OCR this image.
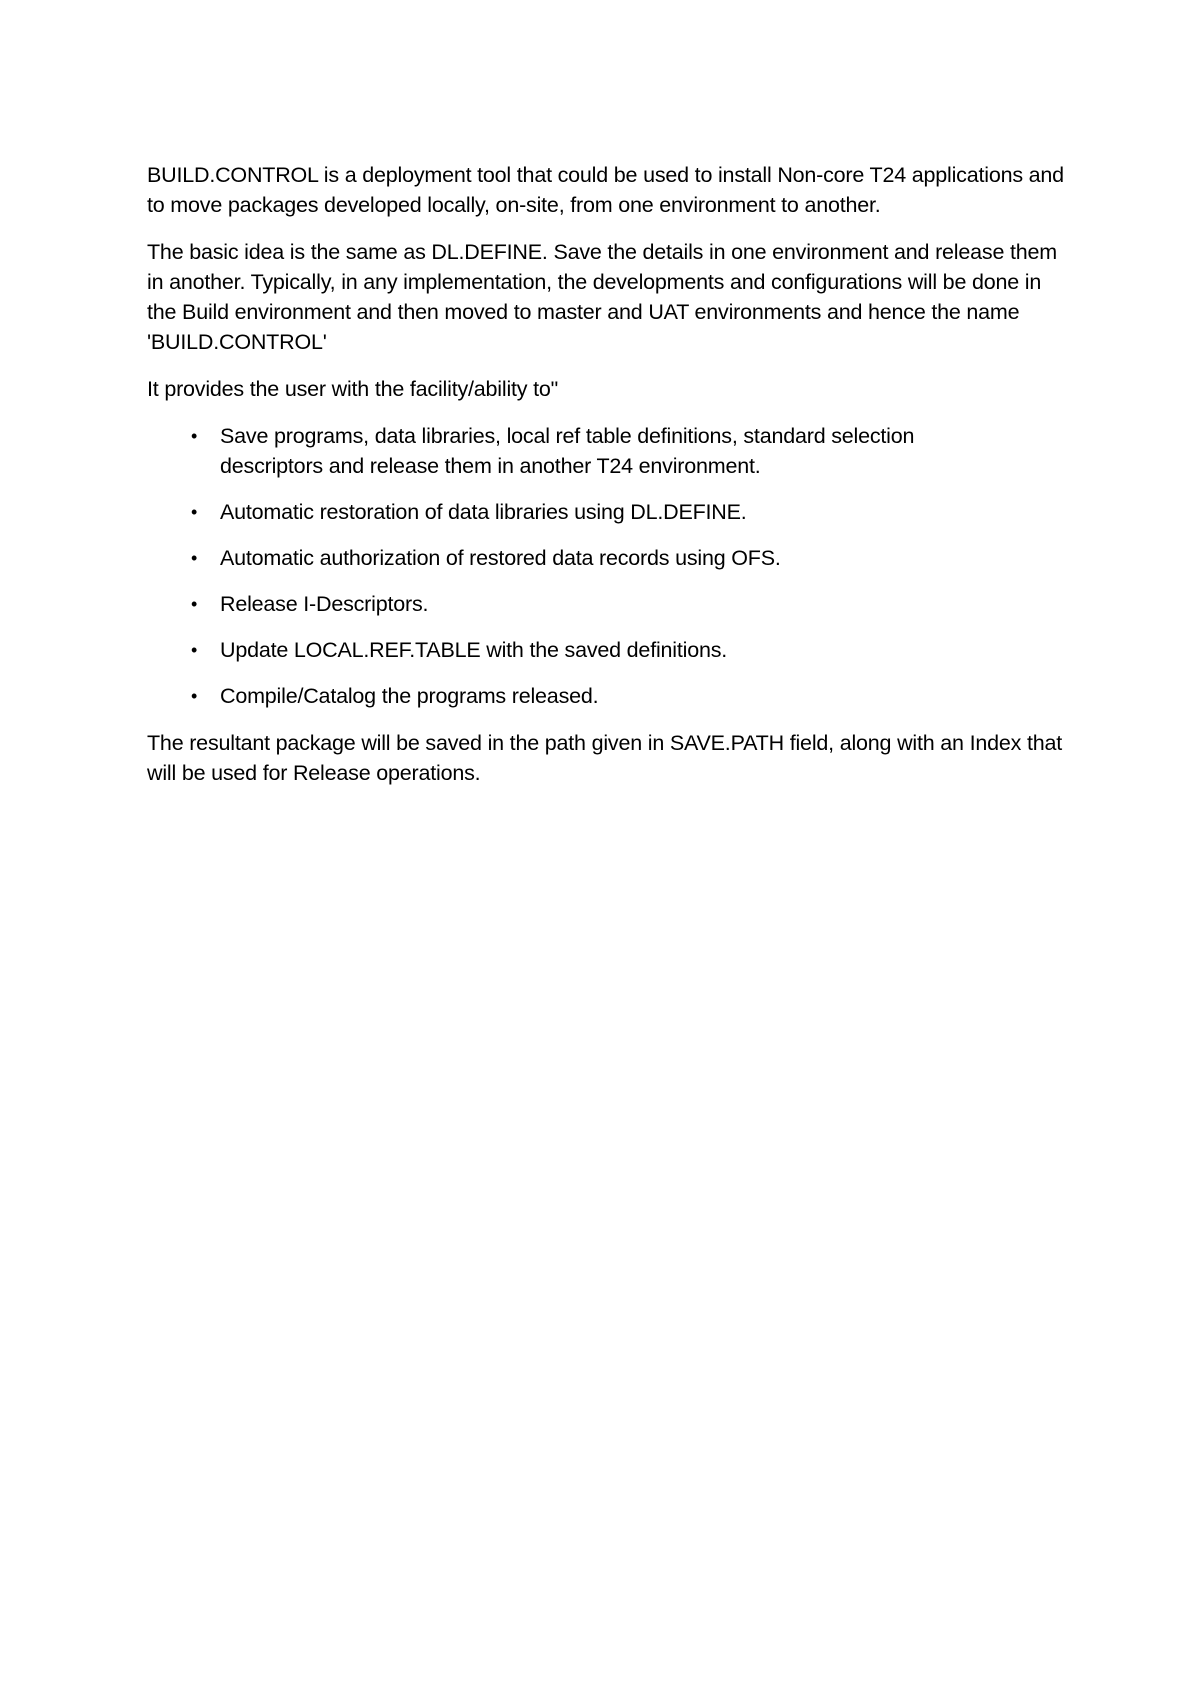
BUILD.CONTROL is a deployment tool that could be used to install Non-core T24 applications and to move packages developed locally, on-site, from one environment to another.

The basic idea is the same as DL.DEFINE. Save the details in one environment and release them in another. Typically, in any implementation, the developments and configurations will be done in the Build environment and then moved to master and UAT environments and hence the name 'BUILD.CONTROL'

It provides the user with the facility/ability to"

•	Save programs, data libraries, local ref table definitions, standard selection descriptors and release them in another T24 environment.
•	Automatic restoration of data libraries using DL.DEFINE.
•	Automatic authorization of restored data records using OFS.
•	Release I-Descriptors.
•	Update LOCAL.REF.TABLE with the saved definitions.
•	Compile/Catalog the programs released.

The resultant package will be saved in the path given in SAVE.PATH field, along with an Index that will be used for Release operations.
